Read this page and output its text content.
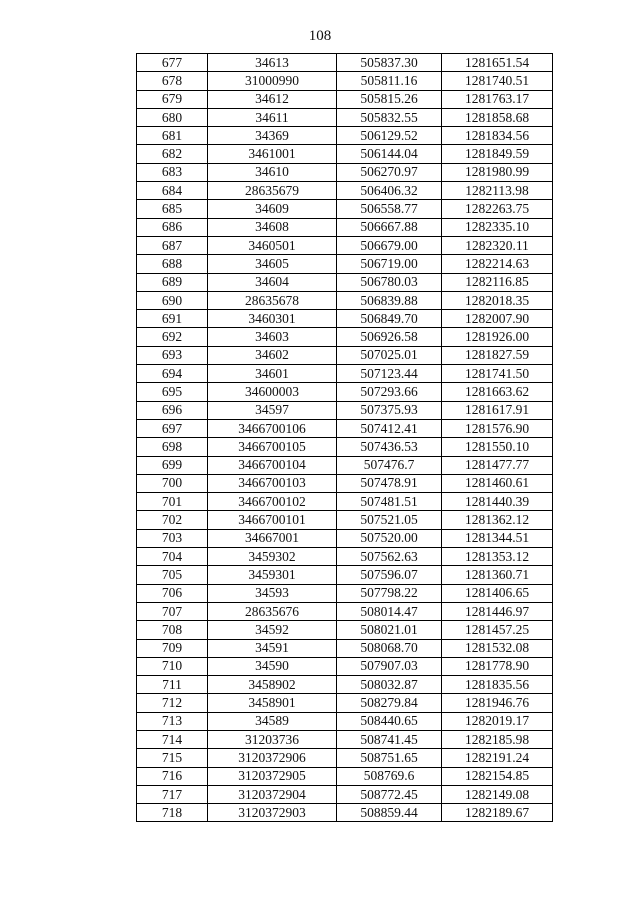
108
677	34613	505837.30	1281651.54
678	31000990	505811.16	1281740.51
679	34612	505815.26	1281763.17
680	34611	505832.55	1281858.68
681	34369	506129.52	1281834.56
682	3461001	506144.04	1281849.59
683	34610	506270.97	1281980.99
684	28635679	506406.32	1282113.98
685	34609	506558.77	1282263.75
686	34608	506667.88	1282335.10
687	3460501	506679.00	1282320.11
688	34605	506719.00	1282214.63
689	34604	506780.03	1282116.85
690	28635678	506839.88	1282018.35
691	3460301	506849.70	1282007.90
692	34603	506926.58	1281926.00
693	34602	507025.01	1281827.59
694	34601	507123.44	1281741.50
695	34600003	507293.66	1281663.62
696	34597	507375.93	1281617.91
697	3466700106	507412.41	1281576.90
698	3466700105	507436.53	1281550.10
699	3466700104	507476.7	1281477.77
700	3466700103	507478.91	1281460.61
701	3466700102	507481.51	1281440.39
702	3466700101	507521.05	1281362.12
703	34667001	507520.00	1281344.51
704	3459302	507562.63	1281353.12
705	3459301	507596.07	1281360.71
706	34593	507798.22	1281406.65
707	28635676	508014.47	1281446.97
708	34592	508021.01	1281457.25
709	34591	508068.70	1281532.08
710	34590	507907.03	1281778.90
711	3458902	508032.87	1281835.56
712	3458901	508279.84	1281946.76
713	34589	508440.65	1282019.17
714	31203736	508741.45	1282185.98
715	3120372906	508751.65	1282191.24
716	3120372905	508769.6	1282154.85
717	3120372904	508772.45	1282149.08
718	3120372903	508859.44	1282189.67
